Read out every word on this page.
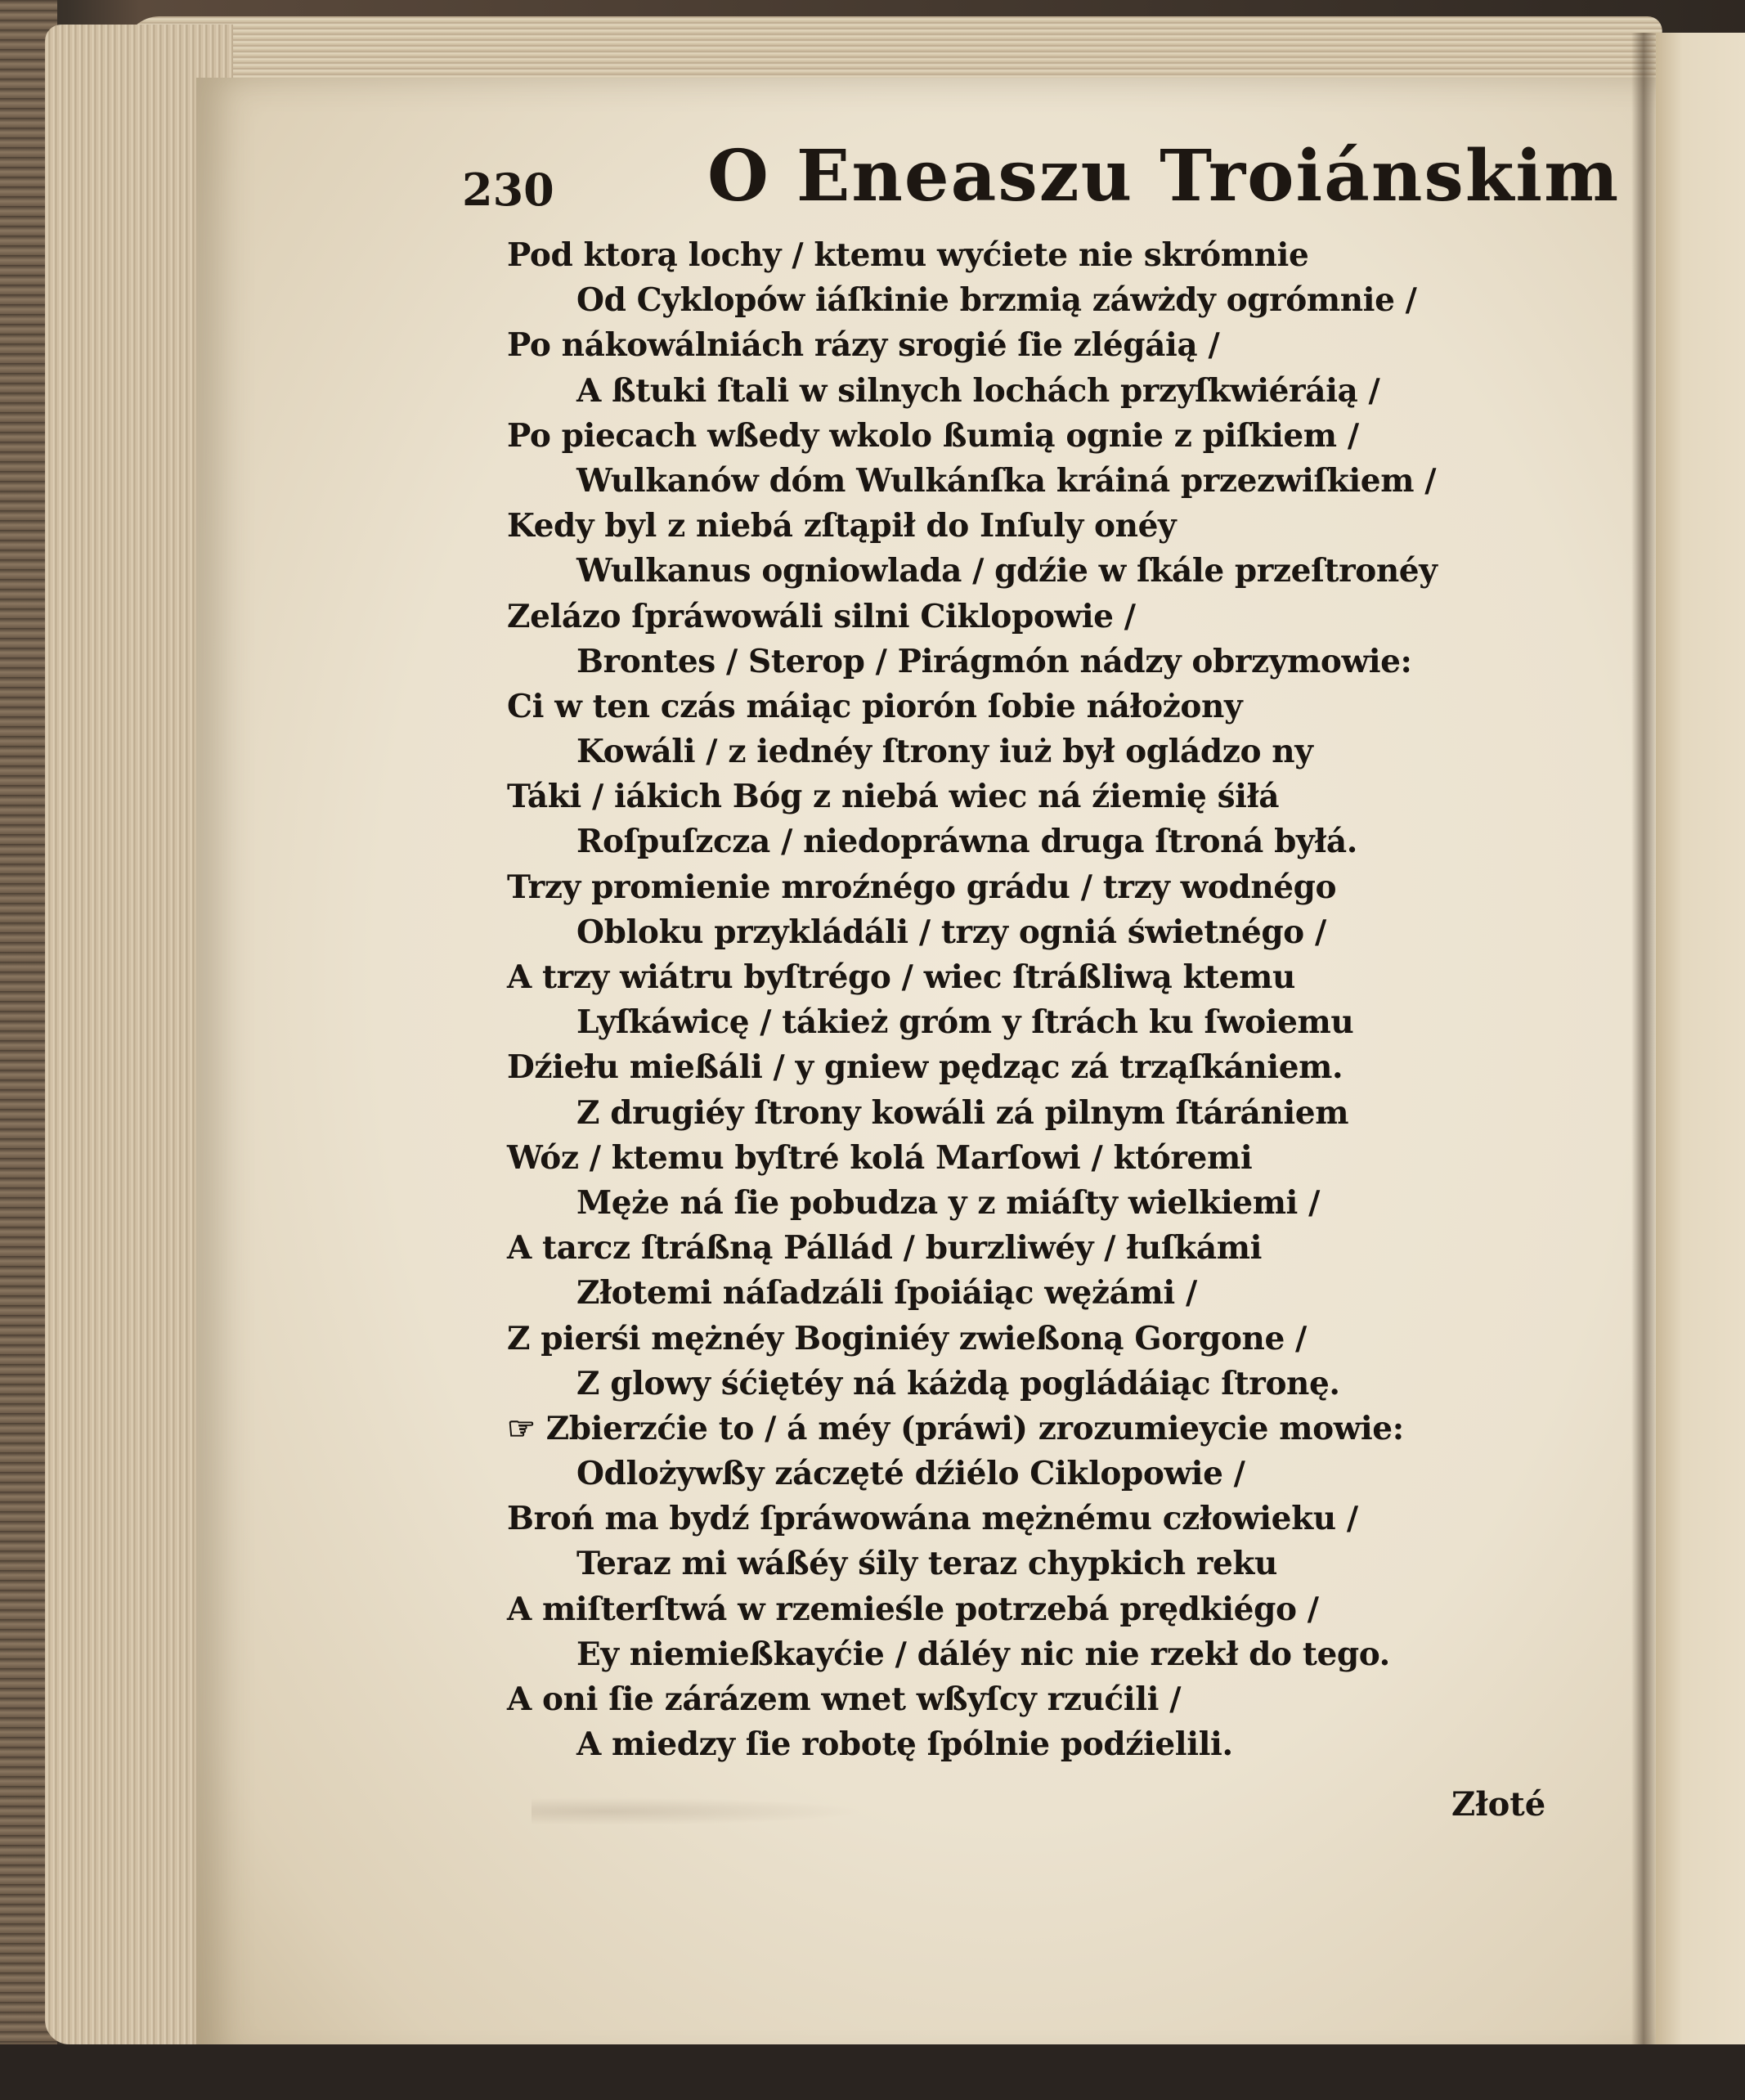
230 O Eneaszu Troiánskim
Pod ktorą lochy / ktemu wyćiete nie skrómnie
Od Cyklopów iáſkinie brzmią záwżdy ogrómnie /
Po nákowálniách rázy srogié ſie zlégáią /
A ßtuki ſtali w silnych lochách przyſkwiéráią /
Po piecach wßedy wkolo ßumią ognie z piſkiem /
Wulkanów dóm Wulkánſka kráiná przezwiſkiem /
Kedy byl z niebá zſtąpił do Inſuly onéy
Wulkanus ogniowlada / gdźie w ſkále przeſtronéy
Zelázo ſpráwowáli silni Ciklopowie /
Brontes / Sterop / Pirágmón nádzy obrzymowie:
Ci w ten czás máiąc piorón ſobie náłożony
Kowáli / z iednéy ſtrony iuż był ogládzo ny
Táki / iákich Bóg z niebá wiec ná źiemię śiłá
Roſpuſzcza / niedopráwna druga ſtroná byłá.
Trzy promienie mroźnégo grádu / trzy wodnégo
Obloku przykládáli / trzy ogniá świetnégo /
A trzy wiátru byſtrégo / wiec ſtráßliwą ktemu
Lyſkáwicę / tákież gróm y ſtrách ku ſwoiemu
Dźiełu mießáli / y gniew pędząc zá trząſkániem.
Z drugiéy ſtrony kowáli zá pilnym ſtárániem
Wóz / ktemu byſtré kolá Marſowi / któremi
Męże ná ſie pobudza y z miáſty wielkiemi /
A tarcz ſtráßną Pállád / burzliwéy / łuſkámi
Złotemi náſadzáli ſpoiáiąc wężámi /
Z pierśi mężnéy Boginiéy zwießoną Gorgone /
Z glowy śćiętéy ná káżdą pogládáiąc ſtronę.
☞ Zbierzćie to / á méy (práwi) zrozumieycie mowie:
Odlożywßy záczęté dźiélo Ciklopowie /
Broń ma bydź ſpráwowána mężnému człowieku /
Teraz mi wáßéy śily teraz chypkich reku
A miſterſtwá w rzemieśle potrzebá prędkiégo /
Ey niemießkayćie / dáléy nic nie rzekł do tego.
A oni ſie zárázem wnet wßyſcy rzućili /
A miedzy ſie robotę ſpólnie podźielili.
Złoté
